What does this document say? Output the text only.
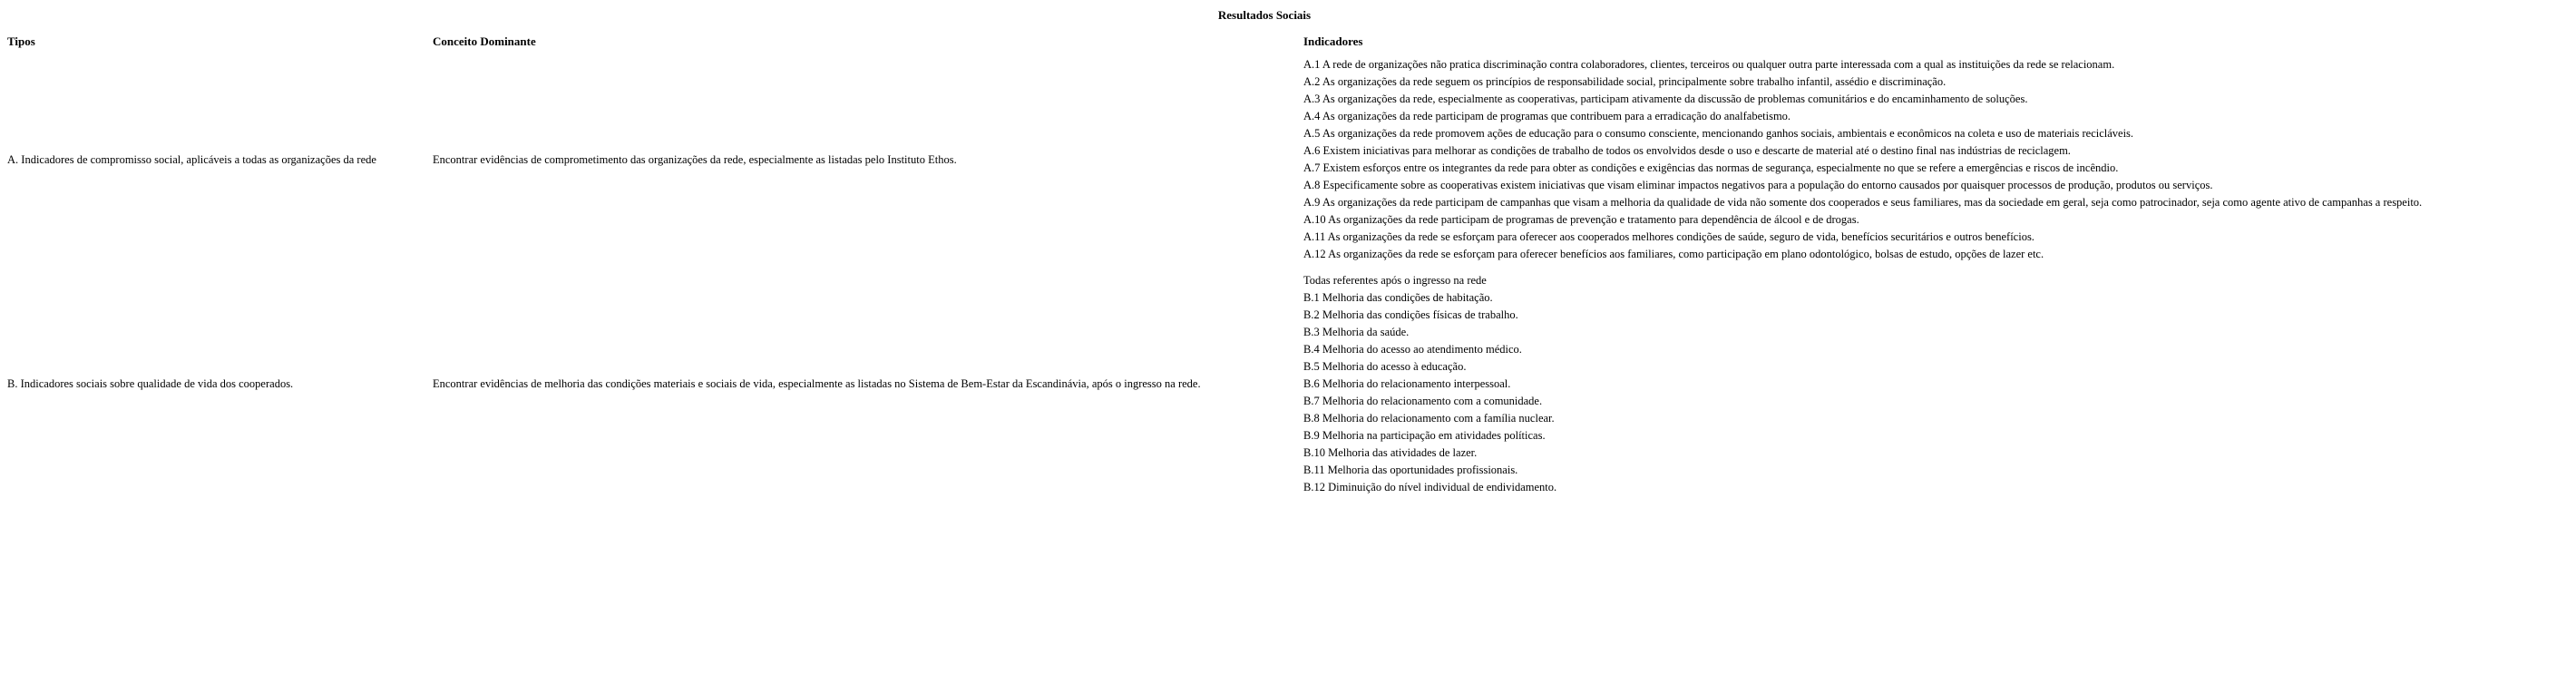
Resultados Sociais
Tipos	Conceito Dominante	Indicadores
A. Indicadores de compromisso social, aplicáveis a todas as organizações da rede	Encontrar evidências de comprometimento das organizações da rede, especialmente as listadas pelo Instituto Ethos.	
A.1 A rede de organizações não pratica discriminação contra colaboradores, clientes, terceiros ou qualquer outra parte interessada com a qual as instituições da rede se relacionam.
A.2 As organizações da rede seguem os princípios de responsabilidade social, principalmente sobre trabalho infantil, assédio e discriminação.
A.3 As organizações da rede, especialmente as cooperativas, participam ativamente da discussão de problemas comunitários e do encaminhamento de soluções.
A.4 As organizações da rede participam de programas que contribuem para a erradicação do analfabetismo.
A.5 As organizações da rede promovem ações de educação para o consumo consciente, mencionando ganhos sociais, ambientais e econômicos na coleta e uso de materiais recicláveis.
A.6 Existem iniciativas para melhorar as condições de trabalho de todos os envolvidos desde o uso e descarte de material até o destino final nas indústrias de reciclagem.
A.7 Existem esforços entre os integrantes da rede para obter as condições e exigências das normas de segurança, especialmente no que se refere a emergências e riscos de incêndio.
A.8 Especificamente sobre as cooperativas existem iniciativas que visam eliminar impactos negativos para a população do entorno causados por quaisquer processos de produção, produtos ou serviços.
A.9 As organizações da rede participam de campanhas que visam a melhoria da qualidade de vida não somente dos cooperados e seus familiares, mas da sociedade em geral, seja como patrocinador, seja como agente ativo de campanhas a respeito.
A.10 As organizações da rede participam de programas de prevenção e tratamento para dependência de álcool e de drogas.
A.11 As organizações da rede se esforçam para oferecer aos cooperados melhores condições de saúde, seguro de vida, benefícios securitários e outros benefícios.
A.12 As organizações da rede se esforçam para oferecer benefícios aos familiares, como participação em plano odontológico, bolsas de estudo, opções de lazer etc.

B. Indicadores sociais sobre qualidade de vida dos cooperados.	Encontrar evidências de melhoria das condições materiais e sociais de vida, especialmente as listadas no Sistema de Bem-Estar da Escandinávia, após o ingresso na rede.	
Todas referentes após o ingresso na rede
B.1 Melhoria das condições de habitação.
B.2 Melhoria das condições físicas de trabalho.
B.3 Melhoria da saúde.
B.4 Melhoria do acesso ao atendimento médico.
B.5 Melhoria do acesso à educação.
B.6 Melhoria do relacionamento interpessoal.
B.7 Melhoria do relacionamento com a comunidade.
B.8 Melhoria do relacionamento com a família nuclear.
B.9 Melhoria na participação em atividades políticas.
B.10 Melhoria das atividades de lazer.
B.11 Melhoria das oportunidades profissionais.
B.12 Diminuição do nível individual de endividamento.
